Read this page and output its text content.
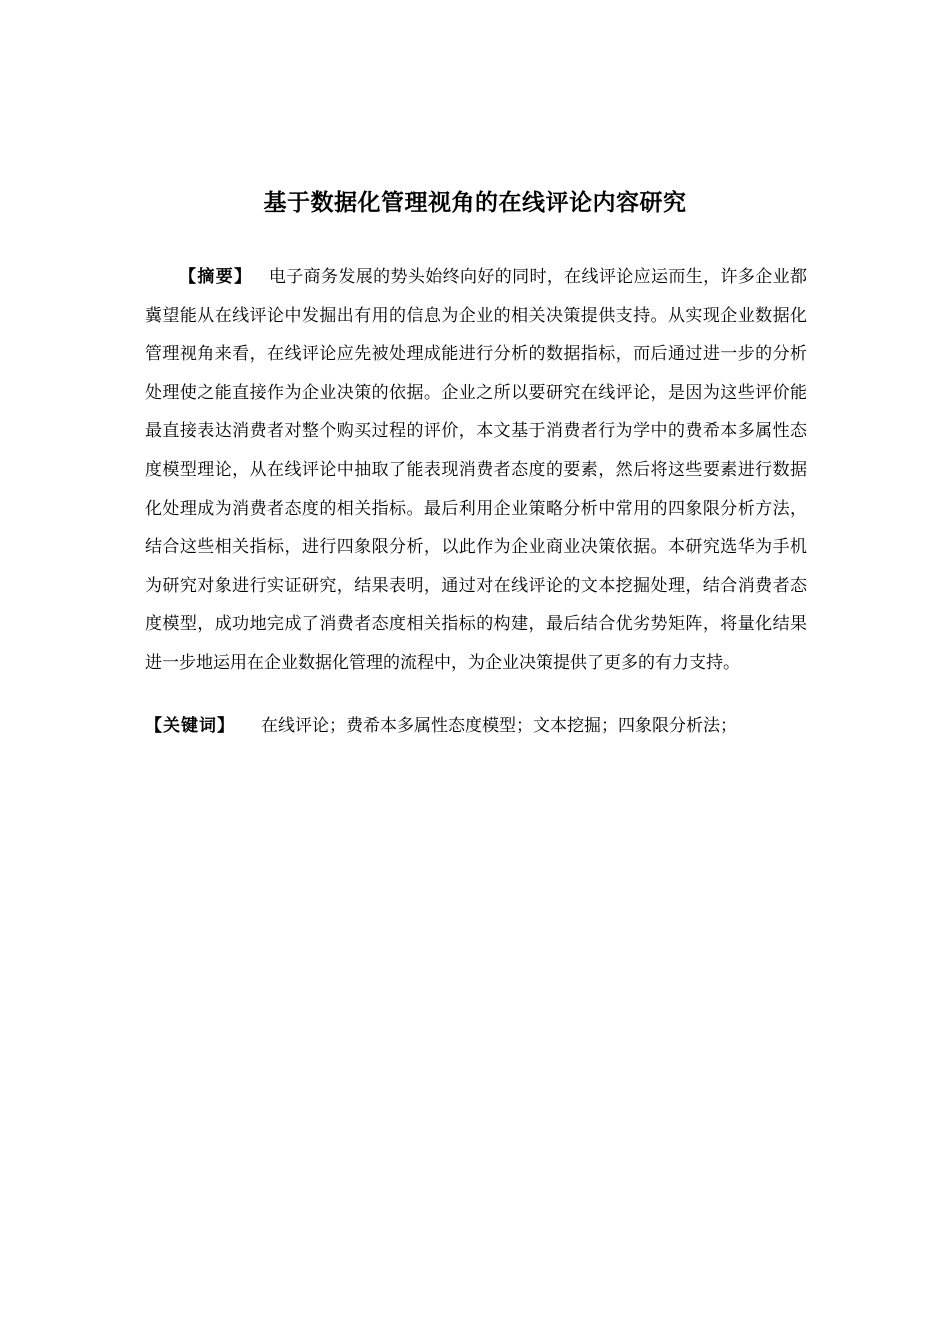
基于数据化管理视角的在线评论内容研究

【摘要】 电子商务发展的势头始终向好的同时，在线评论应运而生，许多企业都冀望能从在线评论中发掘出有用的信息为企业的相关决策提供支持。从实现企业数据化管理视角来看，在线评论应先被处理成能进行分析的数据指标，而后通过进一步的分析处理使之能直接作为企业决策的依据。企业之所以要研究在线评论，是因为这些评价能最直接表达消费者对整个购买过程的评价，本文基于消费者行为学中的费希本多属性态度模型理论，从在线评论中抽取了能表现消费者态度的要素，然后将这些要素进行数据化处理成为消费者态度的相关指标。最后利用企业策略分析中常用的四象限分析方法，结合这些相关指标，进行四象限分析，以此作为企业商业决策依据。本研究选华为手机为研究对象进行实证研究，结果表明，通过对在线评论的文本挖掘处理，结合消费者态度模型，成功地完成了消费者态度相关指标的构建，最后结合优劣势矩阵，将量化结果进一步地运用在企业数据化管理的流程中，为企业决策提供了更多的有力支持。

【关键词】 在线评论；费希本多属性态度模型；文本挖掘；四象限分析法；
